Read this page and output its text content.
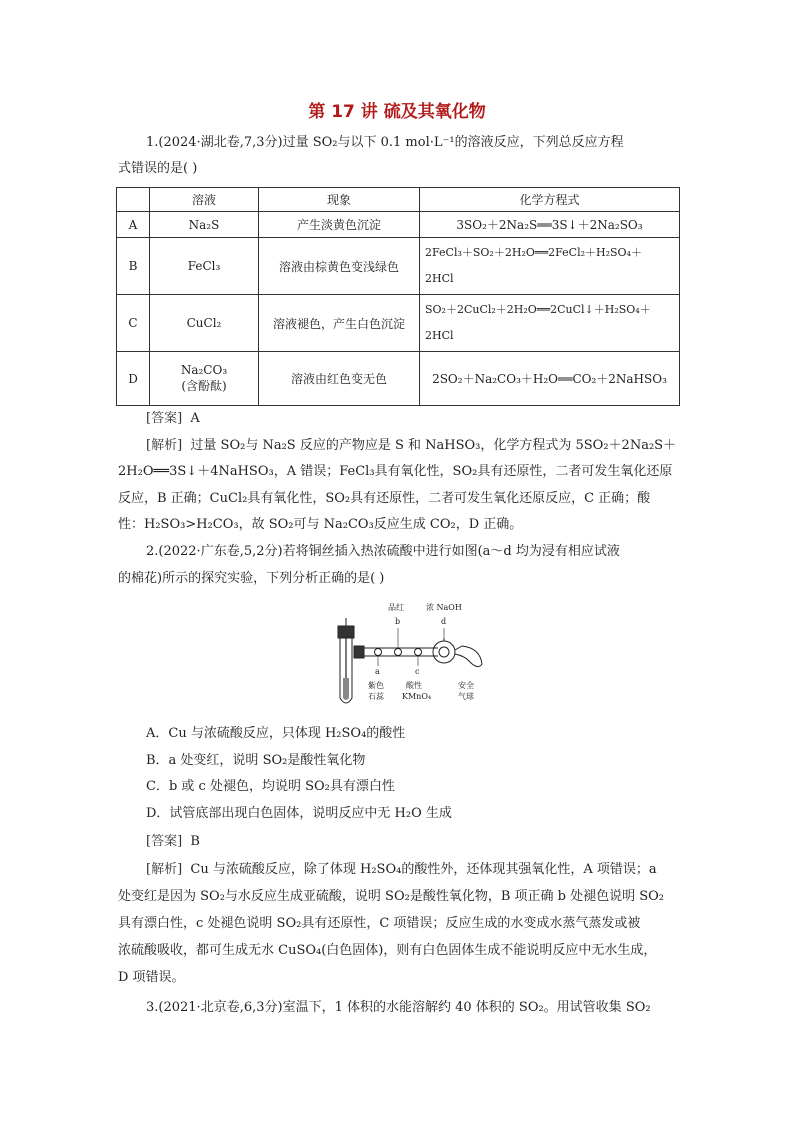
第 17 讲 硫及其氧化物
1.(2024·湖北卷,7,3分)过量 SO₂与以下 0.1 mol·L⁻¹的溶液反应，下列总反应方程
式错误的是( )
	溶液	现象	化学方程式
A	Na₂S	产生淡黄色沉淀	3SO₂＋2Na₂S══3S↓＋2Na₂SO₃
B	FeCl₃	溶液由棕黄色变浅绿色	2FeCl₃＋SO₂＋2H₂O══2FeCl₂＋H₂SO₄＋
2HCl

C	CuCl₂	溶液褪色，产生白色沉淀	SO₂＋2CuCl₂＋2H₂O══2CuCl↓＋H₂SO₄＋
2HCl

D	Na₂CO₃
(含酚酞)	溶液由红色变无色	2SO₂＋Na₂CO₃＋H₂O══CO₂＋2NaHSO₃
[答案] A
[解析] 过量 SO₂与 Na₂S 反应的产物应是 S 和 NaHSO₃，化学方程式为 5SO₂＋2Na₂S＋
2H₂O══3S↓＋4NaHSO₃，A 错误；FeCl₃具有氧化性，SO₂具有还原性，二者可发生氧化还原
反应，B 正确；CuCl₂具有氧化性，SO₂具有还原性，二者可发生氧化还原反应，C 正确；酸
性：H₂SO₃>H₂CO₃，故 SO₂可与 Na₂CO₃反应生成 CO₂，D 正确。
2.(2022·广东卷,5,2分)若将铜丝插入热浓硫酸中进行如图(a～d 均为浸有相应试液
的棉花)所示的探究实验，下列分析正确的是( )
品红	浓 NaOH
b	d
a	c
紫色
石蕊
酸性
KMnO₄
安全
气球
A．Cu 与浓硫酸反应，只体现 H₂SO₄的酸性
B．a 处变红，说明 SO₂是酸性氧化物
C．b 或 c 处褪色，均说明 SO₂具有漂白性
D．试管底部出现白色固体，说明反应中无 H₂O 生成
[答案] B
[解析] Cu 与浓硫酸反应，除了体现 H₂SO₄的酸性外，还体现其强氧化性，A 项错误；a
处变红是因为 SO₂与水反应生成亚硫酸，说明 SO₂是酸性氧化物，B 项正确 b 处褪色说明 SO₂
具有漂白性，c 处褪色说明 SO₂具有还原性，C 项错误；反应生成的水变成水蒸气蒸发或被
浓硫酸吸收，都可生成无水 CuSO₄(白色固体)，则有白色固体生成不能说明反应中无水生成，
D 项错误。
3.(2021·北京卷,6,3分)室温下，1 体积的水能溶解约 40 体积的 SO₂。用试管收集 SO₂
